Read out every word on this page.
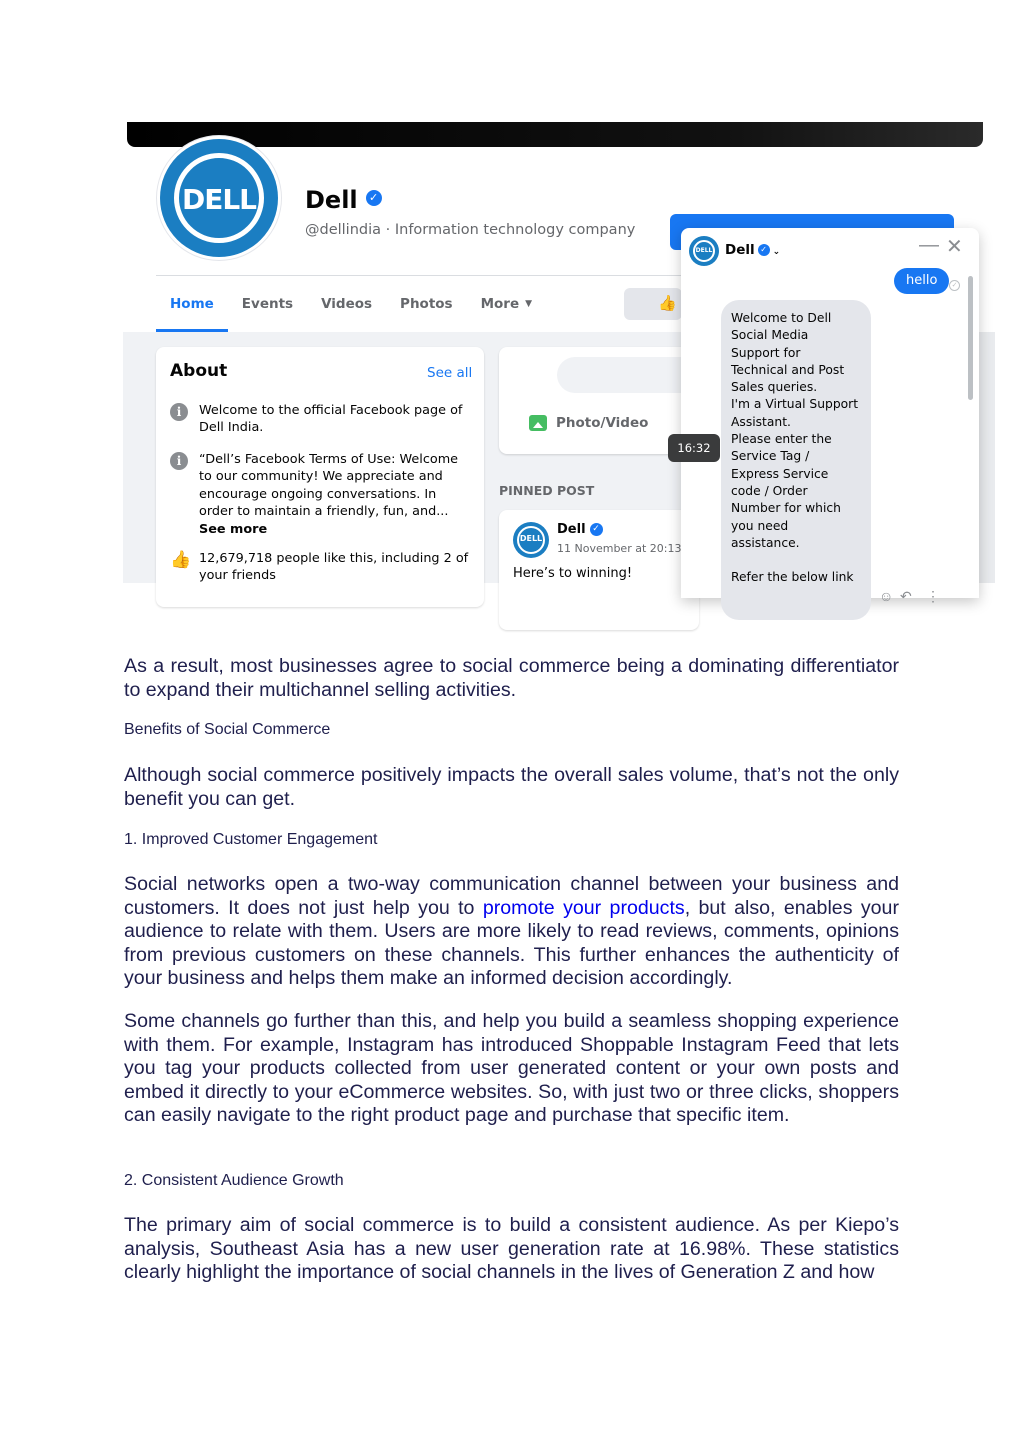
DELL	Dell ✓
@dellindia · Information technology company
Home	Events	Videos	Photos	More ▼	👍
About	See all
i	Welcome to the official Facebook page of Dell India.
i	“Dell’s Facebook Terms of Use: Welcome to our community! We appreciate and encourage ongoing conversations. In order to maintain a friendly, fun, and... See more
👍 12,679,718 people like this, including 2 of your friends
Photo/Video
PINNED POST
DELL
Dell ✓
11 November at 20:13
Here’s to winning!
DELL Dell ✓ ⌄	— ✕
hello	✓
Welcome to Dell
Social Media
Support for
Technical and Post
Sales queries.
I'm a Virtual Support
Assistant.
Please enter the
Service Tag /
Express Service
code / Order
Number for which
you need
assistance.

Refer the below link
☺ ↶ ⋮
16:32
As a result, most businesses agree to social commerce being a dominating differentiator to expand their multichannel selling activities.
Benefits of Social Commerce
Although social commerce positively impacts the overall sales volume, that’s not the only benefit you can get.
1. Improved Customer Engagement
Social networks open a two-way communication channel between your business and customers. It does not just help you to promote your products, but also, enables your audience to relate with them. Users are more likely to read reviews, comments, opinions from previous customers on these channels. This further enhances the authenticity of your business and helps them make an informed decision accordingly.
Some channels go further than this, and help you build a seamless shopping experience with them. For example, Instagram has introduced Shoppable Instagram Feed that lets you tag your products collected from user generated content or your own posts and embed it directly to your eCommerce websites. So, with just two or three clicks, shoppers can easily navigate to the right product page and purchase that specific item.
2. Consistent Audience Growth
The primary aim of social commerce is to build a consistent audience. As per Kiepo’s analysis, Southeast Asia has a new user generation rate at 16.98%. These statistics clearly highlight the importance of social channels in the lives of Generation Z and how
